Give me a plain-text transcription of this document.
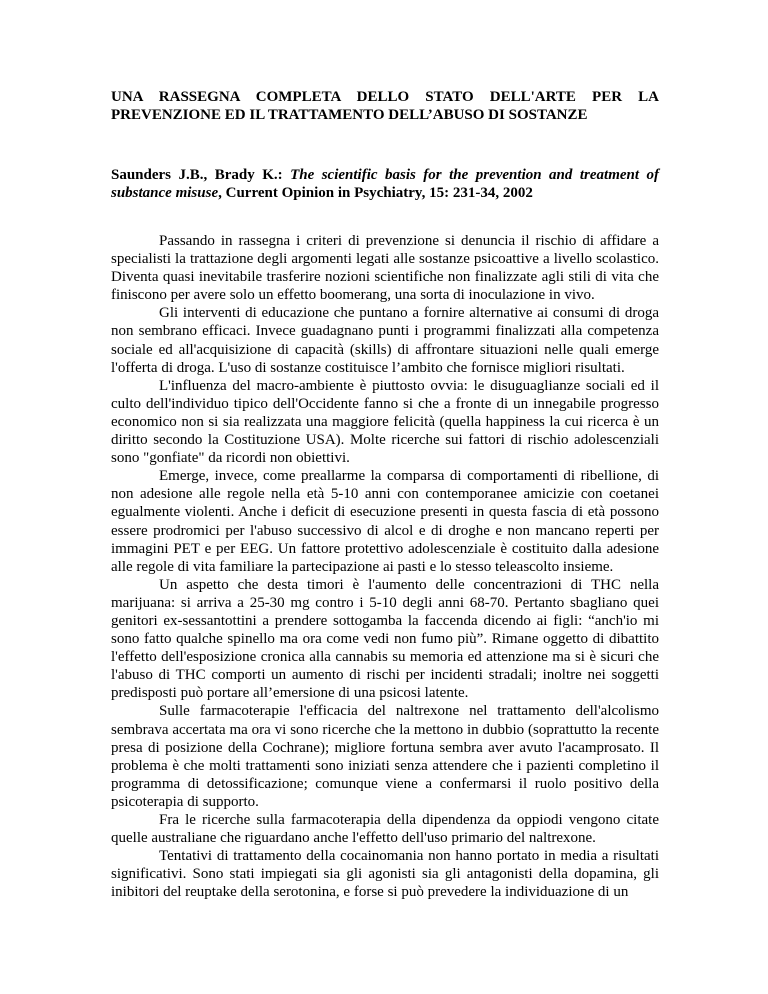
UNA RASSEGNA COMPLETA DELLO STATO DELL'ARTE PER LA PREVENZIONE ED IL TRATTAMENTO DELL’ABUSO DI SOSTANZE

Saunders J.B., Brady K.: The scientific basis for the prevention and treatment of substance misuse, Current Opinion in Psychiatry, 15: 231-34, 2002

Passando in rassegna i criteri di prevenzione si denuncia il rischio di affidare a specialisti la trattazione degli argomenti legati alle sostanze psicoattive a livello scolastico. Diventa quasi inevitabile trasferire nozioni scientifiche non finalizzate agli stili di vita che finiscono per avere solo un effetto boomerang, una sorta di inoculazione in vivo.

Gli interventi di educazione che puntano a fornire alternative ai consumi di droga non sembrano efficaci. Invece guadagnano punti i programmi finalizzati alla competenza sociale ed all'acquisizione di capacità (skills) di affrontare situazioni nelle quali emerge l'offerta di droga. L'uso di sostanze costituisce l’ambito che fornisce migliori risultati.

L'influenza del macro-ambiente è piuttosto ovvia: le disuguaglianze sociali ed il culto dell'individuo tipico dell'Occidente fanno si che a fronte di un innegabile progresso economico non si sia realizzata una maggiore felicità (quella happiness la cui ricerca è un diritto secondo la Costituzione USA). Molte ricerche sui fattori di rischio adolescenziali sono "gonfiate" da ricordi non obiettivi.

Emerge, invece, come preallarme la comparsa di comportamenti di ribellione, di non adesione alle regole nella età 5-10 anni con contemporanee amicizie con coetanei egualmente violenti. Anche i deficit di esecuzione presenti in questa fascia di età possono essere prodromici per l'abuso successivo di alcol e di droghe e non mancano reperti per immagini PET e per EEG. Un fattore protettivo adolescenziale è costituito dalla adesione alle regole di vita familiare la partecipazione ai pasti e lo stesso teleascolto insieme.

Un aspetto che desta timori è l'aumento delle concentrazioni di THC nella marijuana: si arriva a 25-30 mg contro i 5-10 degli anni 68-70. Pertanto sbagliano quei genitori ex-sessantottini a prendere sottogamba la faccenda dicendo ai figli: “anch'io mi sono fatto qualche spinello ma ora come vedi non fumo più”. Rimane oggetto di dibattito l'effetto dell'esposizione cronica alla cannabis su memoria ed attenzione ma si è sicuri che l'abuso di THC comporti un aumento di rischi per incidenti stradali; inoltre nei soggetti predisposti può portare all’emersione di una psicosi latente.

Sulle farmacoterapie l'efficacia del naltrexone nel trattamento dell'alcolismo sembrava accertata ma ora vi sono ricerche che la mettono in dubbio (soprattutto la recente presa di posizione della Cochrane); migliore fortuna sembra aver avuto l'acamprosato. Il problema è che molti trattamenti sono iniziati senza attendere che i pazienti completino il programma di detossificazione; comunque viene a confermarsi il ruolo positivo della psicoterapia di supporto.

Fra le ricerche sulla farmacoterapia della dipendenza da oppiodi vengono citate quelle australiane che riguardano anche l'effetto dell'uso primario del naltrexone.

Tentativi di trattamento della cocainomania non hanno portato in media a risultati significativi. Sono stati impiegati sia gli agonisti sia gli antagonisti della dopamina, gli inibitori del reuptake della serotonina, e forse si può prevedere la individuazione di un
